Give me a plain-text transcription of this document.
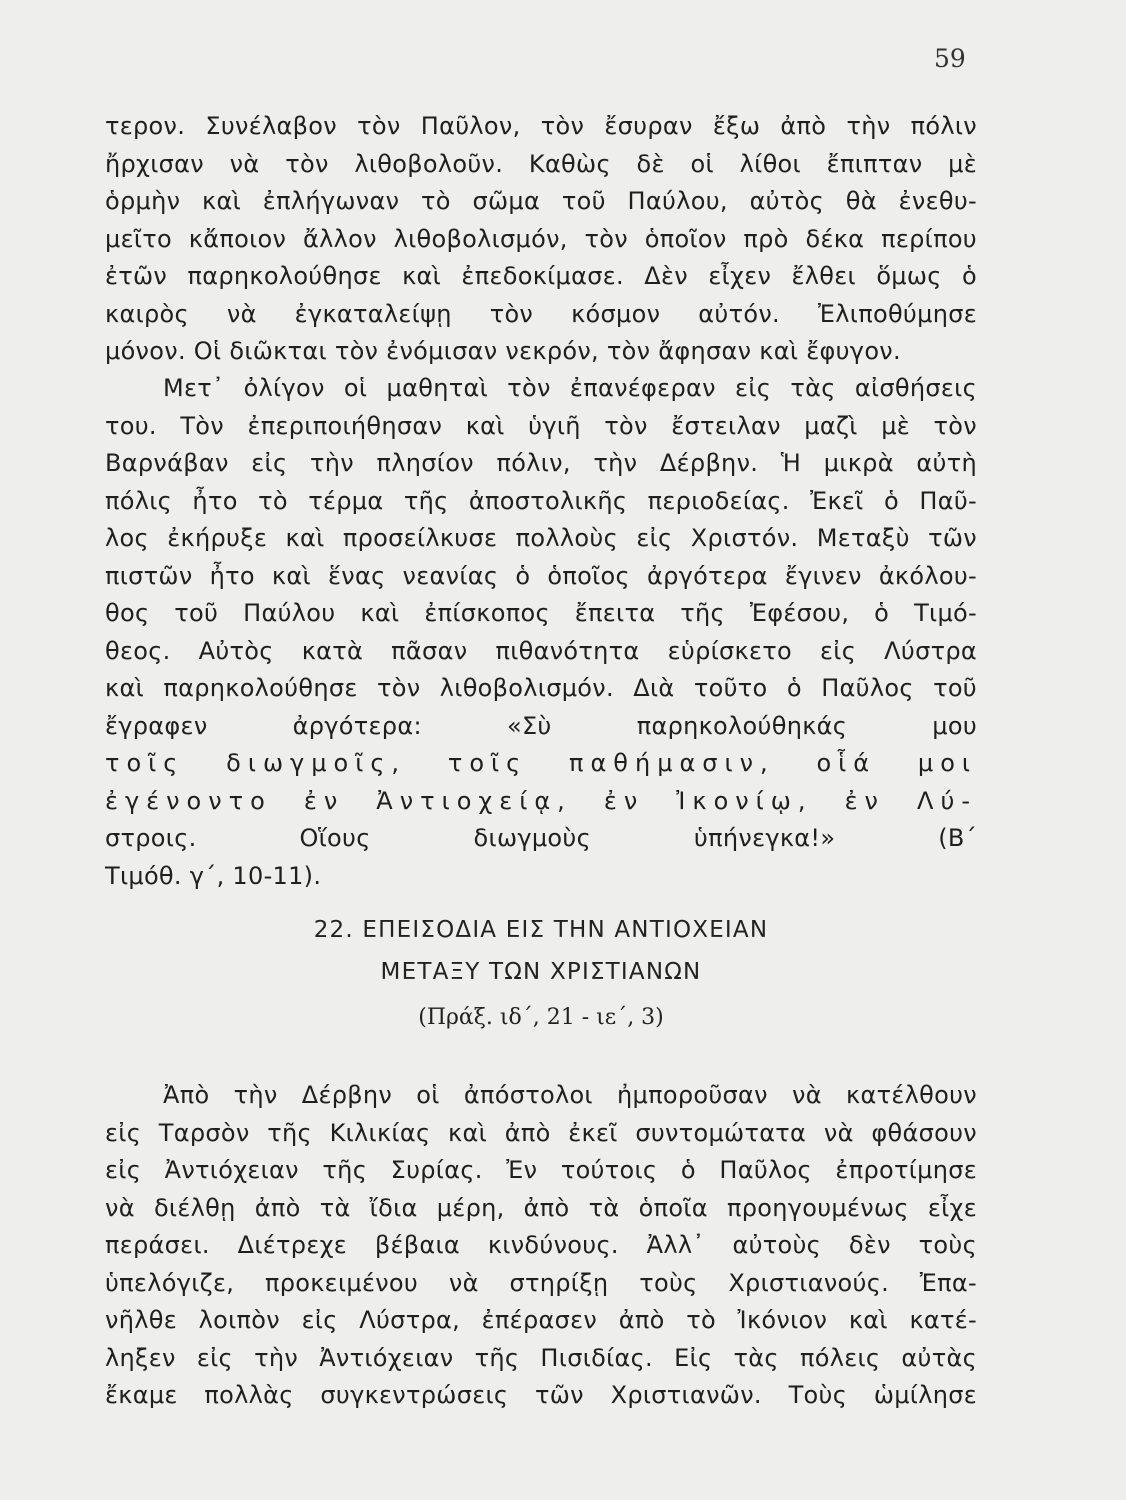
59
τερον. Συνέλαβον τὸν Παῦλον, τὸν ἔσυραν ἔξω ἀπὸ τὴν πόλιν
ἤρχισαν νὰ τὸν λιθοβολοῦν. Καθὼς δὲ οἱ λίθοι ἔπιπταν μὲ
ὁρμὴν καὶ ἐπλήγωναν τὸ σῶμα τοῦ Παύλου, αὐτὸς θὰ ἐνεθυ-
μεῖτο κἄποιον ἄλλον λιθοβολισμόν, τὸν ὁποῖον πρὸ δέκα περίπου
ἐτῶν παρηκολούθησε καὶ ἐπεδοκίμασε. Δὲν εἶχεν ἔλθει ὅμως ὁ
καιρὸς νὰ ἐγκαταλείψῃ τὸν κόσμον αὐτόν. Ἐλιποθύμησε
μόνον. Οἱ διῶκται τὸν ἐνόμισαν νεκρόν, τὸν ἄφησαν καὶ ἔφυγον.
Μετ᾽ ὀλίγον οἱ μαθηταὶ τὸν ἐπανέφεραν εἰς τὰς αἰσθήσεις
του. Τὸν ἐπεριποιήθησαν καὶ ὑγιῆ τὸν ἔστειλαν μαζὶ μὲ τὸν
Βαρνάβαν εἰς τὴν πλησίον πόλιν, τὴν Δέρβην. Ἡ μικρὰ αὐτὴ
πόλις ἦτο τὸ τέρμα τῆς ἀποστολικῆς περιοδείας. Ἐκεῖ ὁ Παῦ-
λος ἐκήρυξε καὶ προσείλκυσε πολλοὺς εἰς Χριστόν. Μεταξὺ τῶν
πιστῶν ἦτο καὶ ἕνας νεανίας ὁ ὁποῖος ἀργότερα ἔγινεν ἀκόλου-
θος τοῦ Παύλου καὶ ἐπίσκοπος ἔπειτα τῆς Ἐφέσου, ὁ Τιμό-
θεος. Αὐτὸς κατὰ πᾶσαν πιθανότητα εὑρίσκετο εἰς Λύστρα
καὶ παρηκολούθησε τὸν λιθοβολισμόν. Διὰ τοῦτο ὁ Παῦλος τοῦ
ἔγραφεν ἀργότερα: «Σὺ παρηκολούθηκάς μου
τοῖς διωγμοῖς, τοῖς παθήμασιν, οἷά μοι
ἐγένοντο ἐν Ἀντιοχείᾳ, ἐν Ἰκονίῳ, ἐν Λύ-
στροις. Οἵους διωγμοὺς ὑπήνεγκα!» (Β´
Τιμόθ. γ´, 10-11).
22. ΕΠΕΙΣΟΔΙΑ ΕΙΣ ΤΗΝ ΑΝΤΙΟΧΕΙΑΝ
ΜΕΤΑΞΥ ΤΩΝ ΧΡΙΣΤΙΑΝΩΝ
(Πράξ. ιδ´, 21 - ιε´, 3)
Ἀπὸ τὴν Δέρβην οἱ ἀπόστολοι ἠμποροῦσαν νὰ κατέλθουν
εἰς Ταρσὸν τῆς Κιλικίας καὶ ἀπὸ ἐκεῖ συντομώτατα νὰ φθάσουν
εἰς Ἀντιόχειαν τῆς Συρίας. Ἐν τούτοις ὁ Παῦλος ἐπροτίμησε
νὰ διέλθῃ ἀπὸ τὰ ἴδια μέρη, ἀπὸ τὰ ὁποῖα προηγουμένως εἶχε
περάσει. Διέτρεχε βέβαια κινδύνους. Ἀλλ᾽ αὐτοὺς δὲν τοὺς
ὑπελόγιζε, προκειμένου νὰ στηρίξῃ τοὺς Χριστιανούς. Ἐπα-
νῆλθε λοιπὸν εἰς Λύστρα, ἐπέρασεν ἀπὸ τὸ Ἰκόνιον καὶ κατέ-
ληξεν εἰς τὴν Ἀντιόχειαν τῆς Πισιδίας. Εἰς τὰς πόλεις αὐτὰς
ἔκαμε πολλὰς συγκεντρώσεις τῶν Χριστιανῶν. Τοὺς ὡμίλησε
